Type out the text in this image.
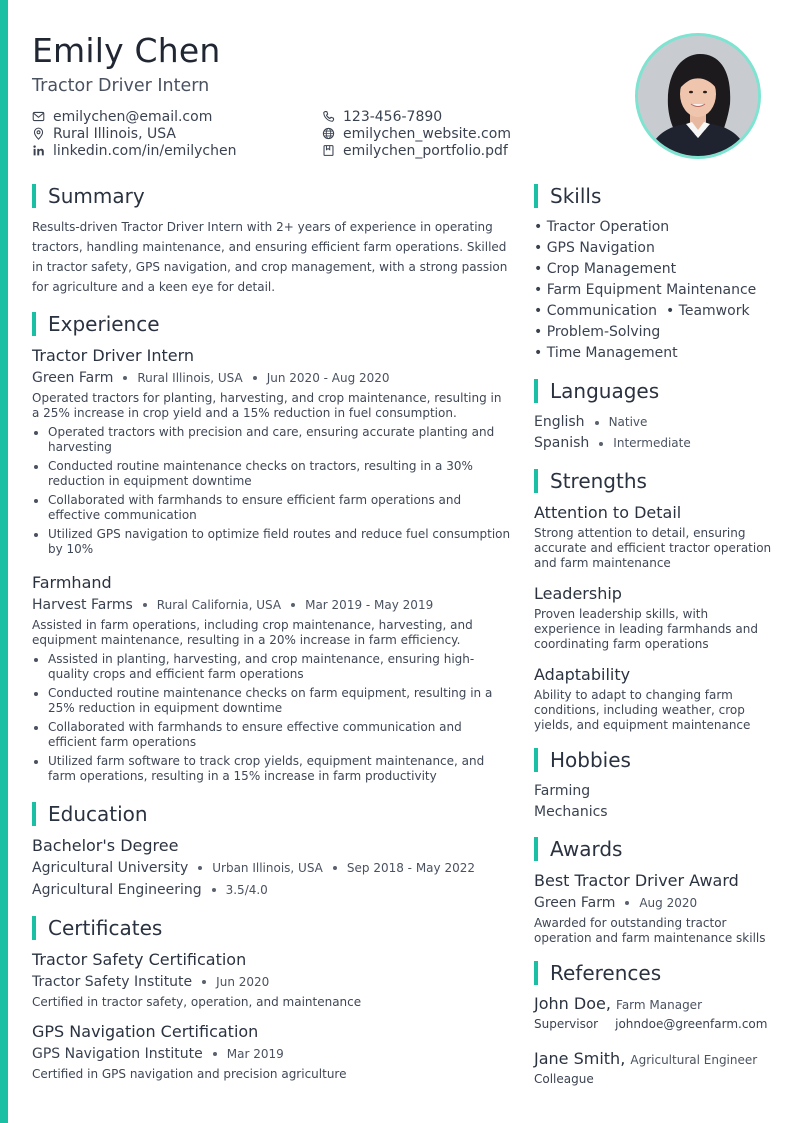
Emily Chen
Tractor Driver Intern
emilychen@email.com
Rural Illinois, USA
linkedin.com/in/emilychen
123-456-7890
emilychen_website.com
emilychen_portfolio.pdf
Summary
Results-driven Tractor Driver Intern with 2+ years of experience in operating tractors, handling maintenance, and ensuring efficient farm operations. Skilled in tractor safety, GPS navigation, and crop management, with a strong passion for agriculture and a keen eye for detail.
Experience
Tractor Driver Intern
Green Farm Rural Illinois, USA Jun 2020 - Aug 2020
Operated tractors for planting, harvesting, and crop maintenance, resulting in a 25% increase in crop yield and a 15% reduction in fuel consumption.
Operated tractors with precision and care, ensuring accurate planting and harvesting
Conducted routine maintenance checks on tractors, resulting in a 30% reduction in equipment downtime
Collaborated with farmhands to ensure efficient farm operations and effective communication
Utilized GPS navigation to optimize field routes and reduce fuel consumption by 10%
Farmhand
Harvest Farms Rural California, USA Mar 2019 - May 2019
Assisted in farm operations, including crop maintenance, harvesting, and equipment maintenance, resulting in a 20% increase in farm efficiency.
Assisted in planting, harvesting, and crop maintenance, ensuring high-quality crops and efficient farm operations
Conducted routine maintenance checks on farm equipment, resulting in a 25% reduction in equipment downtime
Collaborated with farmhands to ensure effective communication and efficient farm operations
Utilized farm software to track crop yields, equipment maintenance, and farm operations, resulting in a 15% increase in farm productivity
Education
Bachelor's Degree
Agricultural University Urban Illinois, USA Sep 2018 - May 2022
Agricultural Engineering 3.5/4.0
Certificates
Tractor Safety Certification
Tractor Safety Institute Jun 2020
Certified in tractor safety, operation, and maintenance
GPS Navigation Certification
GPS Navigation Institute Mar 2019
Certified in GPS navigation and precision agriculture
Skills
• Tractor Operation
• GPS Navigation
• Crop Management
• Farm Equipment Maintenance
• Communication • Teamwork
• Problem-Solving
• Time Management
Languages
English Native
Spanish Intermediate
Strengths
Attention to Detail
Strong attention to detail, ensuring accurate and efficient tractor operation and farm maintenance
Leadership
Proven leadership skills, with experience in leading farmhands and coordinating farm operations
Adaptability
Ability to adapt to changing farm conditions, including weather, crop yields, and equipment maintenance
Hobbies
Farming
Mechanics
Awards
Best Tractor Driver Award
Green Farm Aug 2020
Awarded for outstanding tractor operation and farm maintenance skills
References
John Doe,
Farm Manager
Supervisor johndoe@greenfarm.com
Jane Smith,
Agricultural Engineer
Colleague
